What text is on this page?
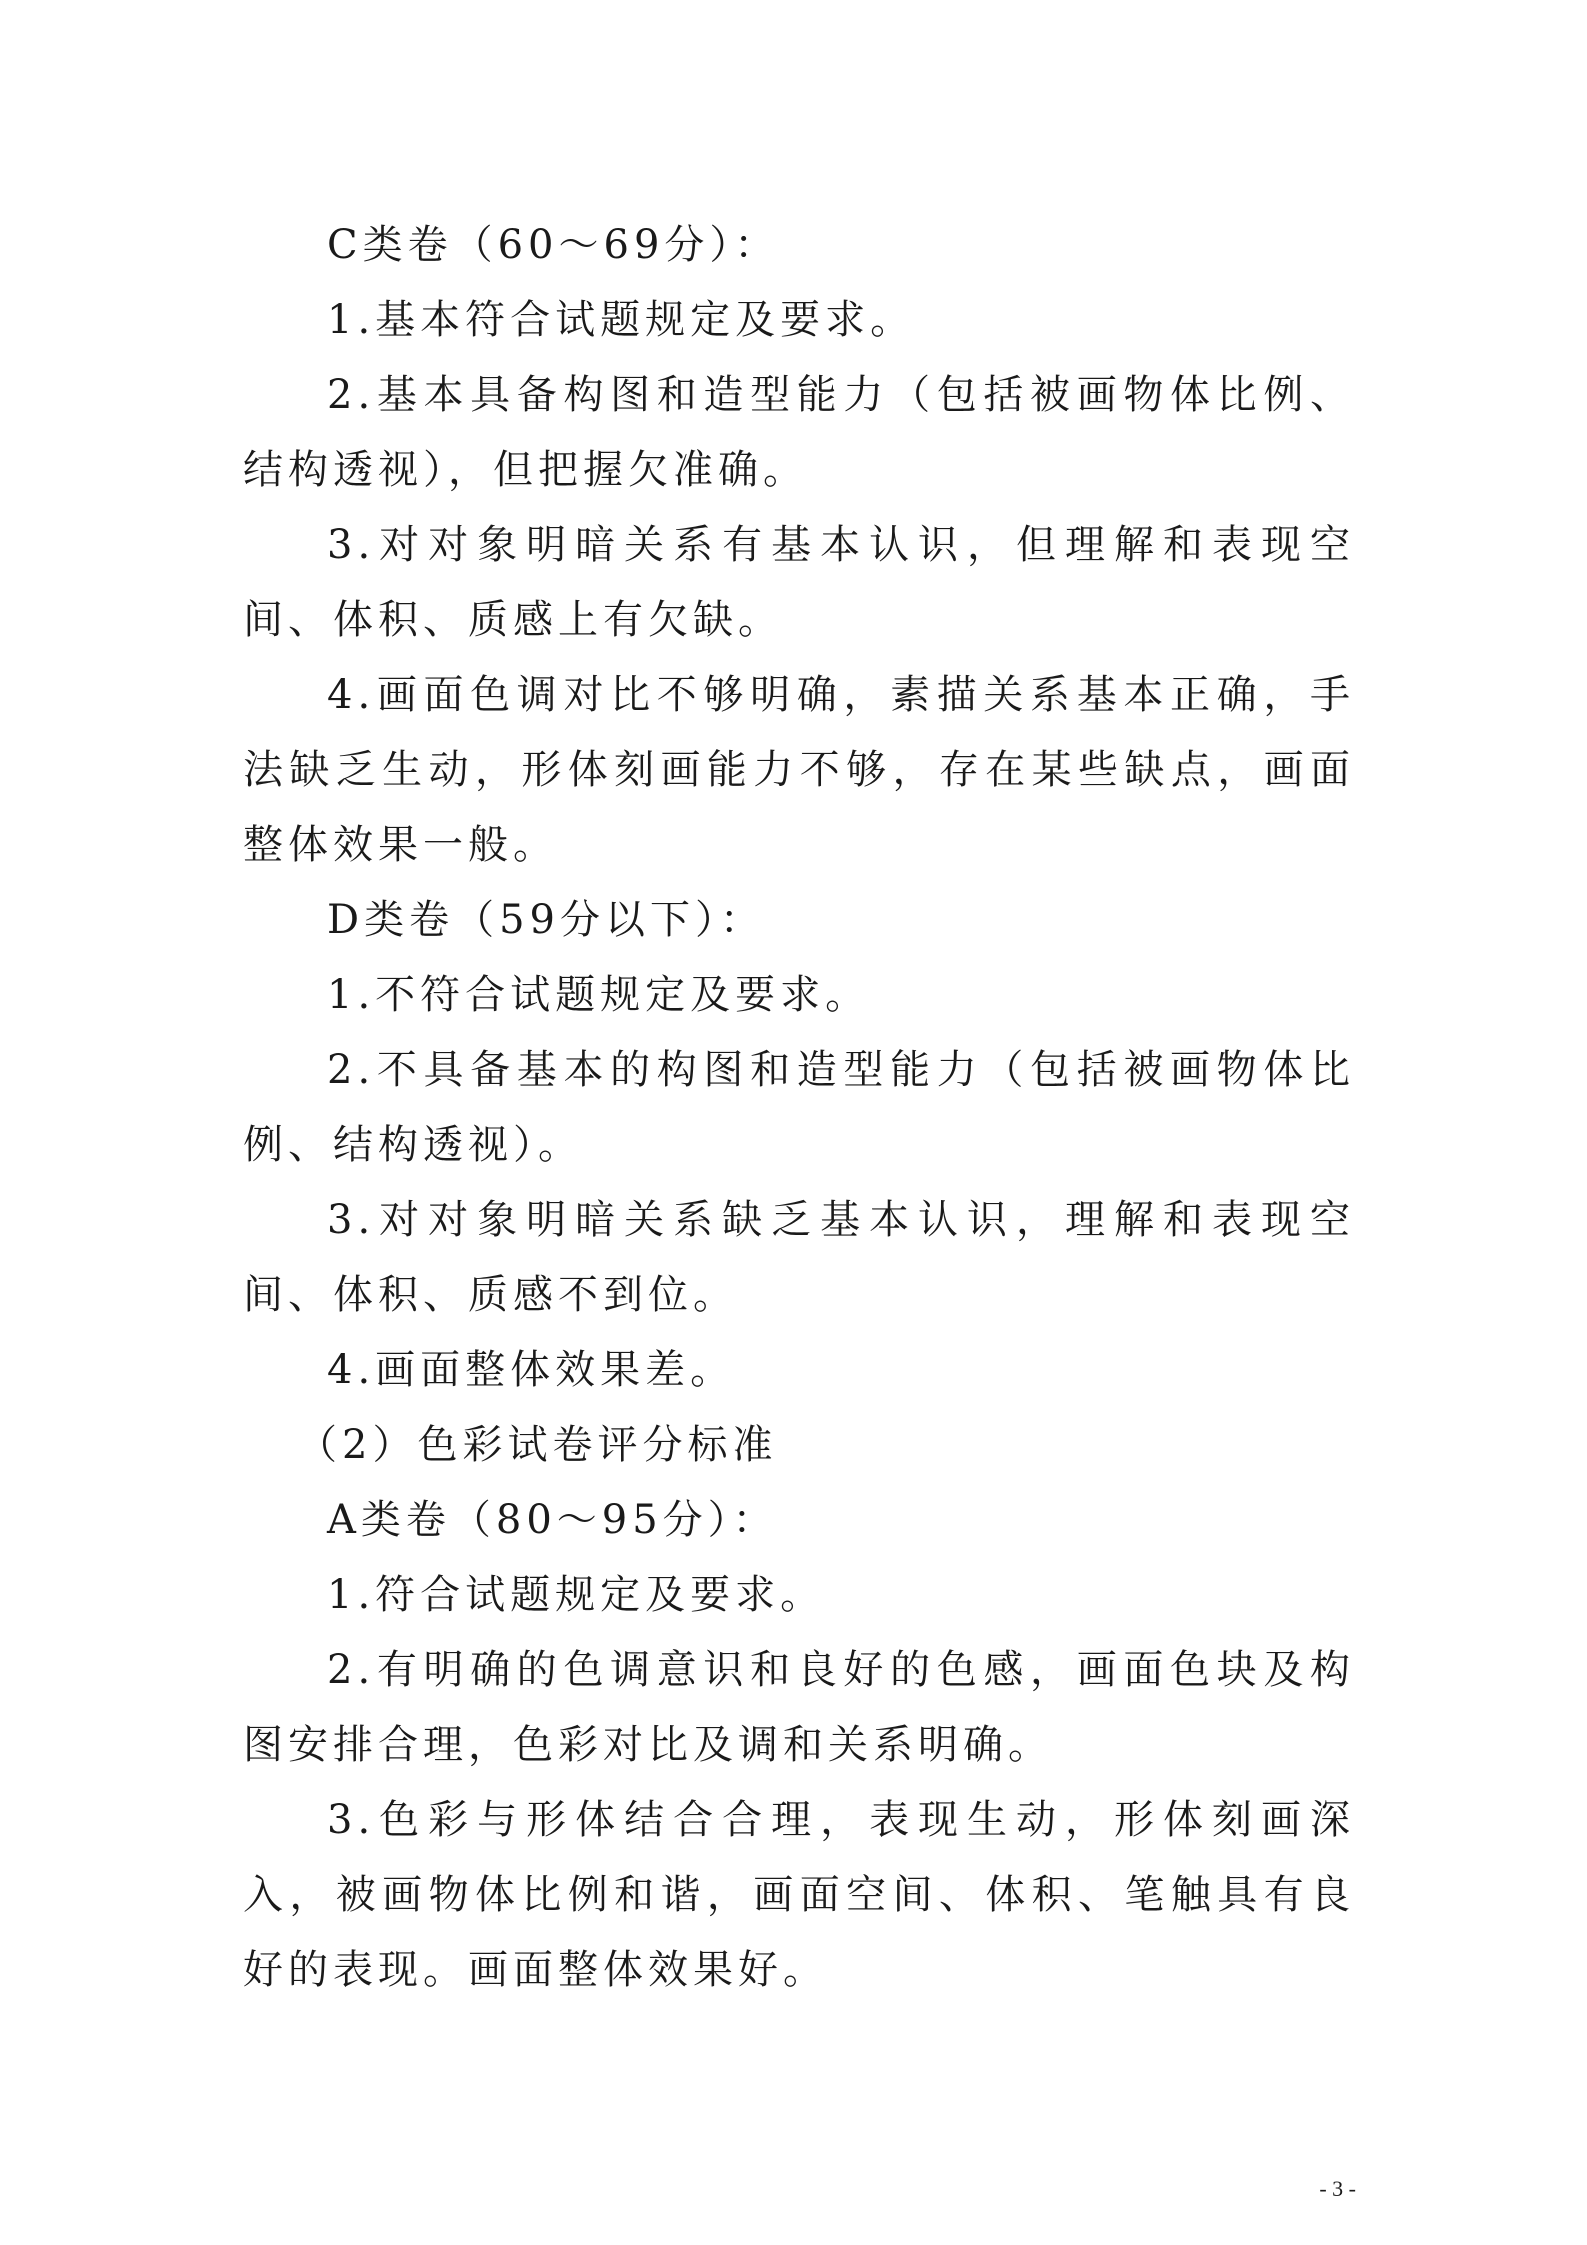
C类卷（60～69分）：

1.基本符合试题规定及要求。

2.基本具备构图和造型能力（包括被画物体比例、结构透视），但把握欠准确。

3.对对象明暗关系有基本认识，但理解和表现空间、体积、质感上有欠缺。

4.画面色调对比不够明确，素描关系基本正确，手法缺乏生动，形体刻画能力不够，存在某些缺点，画面整体效果一般。

D类卷（59分以下）：

1.不符合试题规定及要求。

2.不具备基本的构图和造型能力（包括被画物体比例、结构透视）。

3.对对象明暗关系缺乏基本认识，理解和表现空间、体积、质感不到位。

4.画面整体效果差。

（2）色彩试卷评分标准

A类卷（80～95分）：

1.符合试题规定及要求。

2.有明确的色调意识和良好的色感，画面色块及构图安排合理，色彩对比及调和关系明确。

3.色彩与形体结合合理，表现生动，形体刻画深入，被画物体比例和谐，画面空间、体积、笔触具有良好的表现。画面整体效果好。

- 3 -
